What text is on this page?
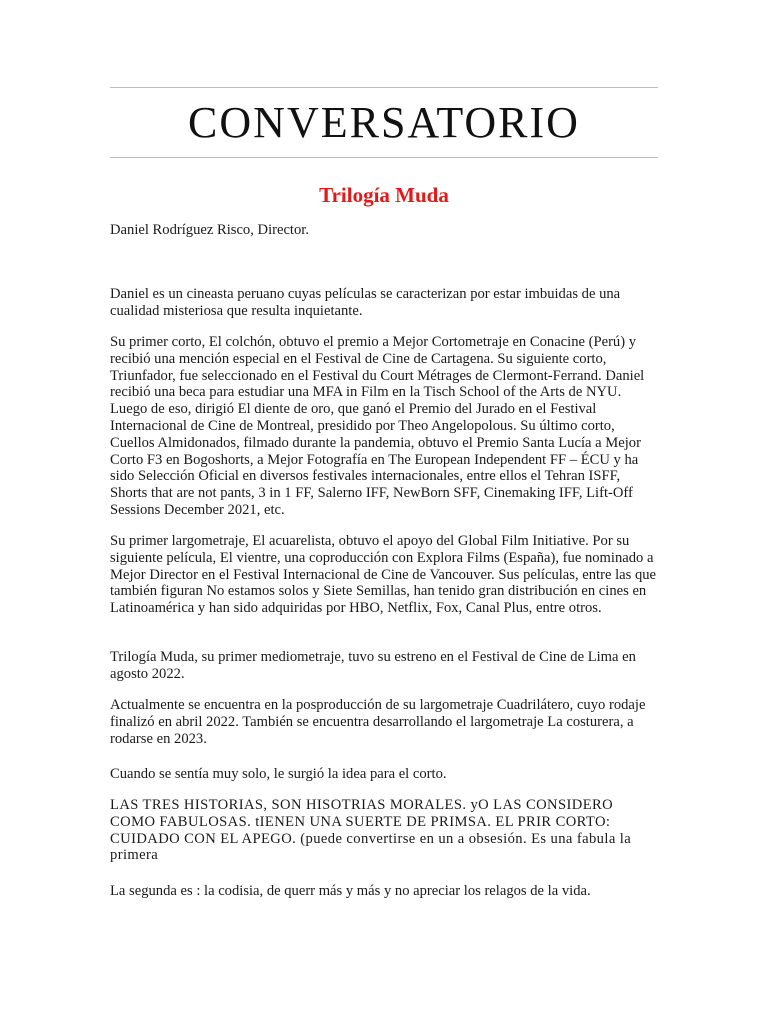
CONVERSATORIO
Trilogía Muda

Daniel Rodríguez Risco, Director.

Daniel es un cineasta peruano cuyas películas se caracterizan por estar imbuidas de una cualidad misteriosa que resulta inquietante.

Su primer corto, El colchón, obtuvo el premio a Mejor Cortometraje en Conacine (Perú) y recibió una mención especial en el Festival de Cine de Cartagena. Su siguiente corto, Triunfador, fue seleccionado en el Festival du Court Métrages de Clermont-Ferrand. Daniel recibió una beca para estudiar una MFA in Film en la Tisch School of the Arts de NYU. Luego de eso, dirigió El diente de oro, que ganó el Premio del Jurado en el Festival Internacional de Cine de Montreal, presidido por Theo Angelopolous. Su último corto, Cuellos Almidonados, filmado durante la pandemia, obtuvo el Premio Santa Lucía a Mejor Corto F3 en Bogoshorts, a Mejor Fotografía en The European Independent FF – ÉCU y ha sido Selección Oficial en diversos festivales internacionales, entre ellos el Tehran ISFF, Shorts that are not pants, 3 in 1 FF, Salerno IFF, NewBorn SFF, Cinemaking IFF, Lift-Off Sessions December 2021, etc.

Su primer largometraje, El acuarelista, obtuvo el apoyo del Global Film Initiative. Por su siguiente película, El vientre, una coproducción con Explora Films (España), fue nominado a Mejor Director en el Festival Internacional de Cine de Vancouver. Sus películas, entre las que también figuran No estamos solos y Siete Semillas, han tenido gran distribución en cines en Latinoamérica y han sido adquiridas por HBO, Netflix, Fox, Canal Plus, entre otros.

Trilogía Muda, su primer mediometraje, tuvo su estreno en el Festival de Cine de Lima en agosto 2022.

Actualmente se encuentra en la posproducción de su largometraje Cuadrilátero, cuyo rodaje finalizó en abril 2022. También se encuentra desarrollando el largometraje La costurera, a rodarse en 2023.

Cuando se sentía muy solo, le surgió la idea para el corto.

LAS TRES HISTORIAS, SON HISOTRIAS MORALES. yO LAS CONSIDERO COMO FABULOSAS. tIENEN UNA SUERTE DE PRIMSA. EL PRIR CORTO: CUIDADO CON EL APEGO. (puede convertirse en un a obsesión. Es una fabula la primera

La segunda es : la codisia, de querr más y más y no apreciar los relagos de la vida.
